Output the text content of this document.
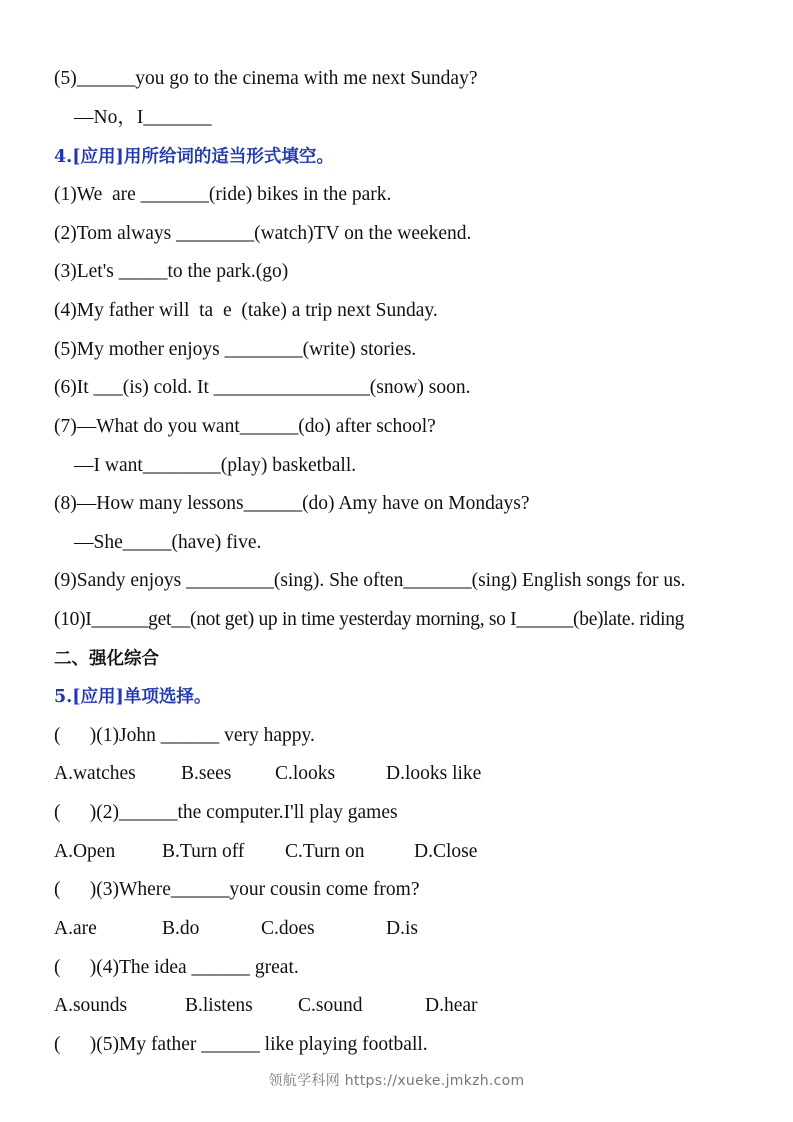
(5)______you go to the cinema with me next Sunday?
—No，I_______
4.[应用]用所给词的适当形式填空。
(1)We  are _______(ride) bikes in the park.
(2)Tom always ________(watch)TV on the weekend.
(3)Let's _____to the park.(go)
(4)My father will  ta  e  (take) a trip next Sunday.
(5)My mother enjoys ________(write) stories.
(6)It ___(is) cold. It ________________(snow) soon.
(7)—What do you want______(do) after school?
—I want________(play) basketball.
(8)—How many lessons______(do) Amy have on Mondays?
—She_____(have) five.
(9)Sandy enjoys _________(sing). She often_______(sing) English songs for us.
(10)I______get__(not get) up in time yesterday morning, so I______(be)late. riding
二、强化综合
5.[应用]单项选择。
(      )(1)John ______ very happy.
A.watches B.sees C.looks	D.looks like
(      )(2)______the computer.I'll play games
A.Open B.Turn off C.Turn on	D.Close
(      )(3)Where______your cousin come from?
A.are	B.do	C.does	D.is
(      )(4)The idea ______ great.
A.sounds	B.listens C.sound	D.hear
(      )(5)My father ______ like playing football.
领航学科网 https://xueke.jmkzh.com
